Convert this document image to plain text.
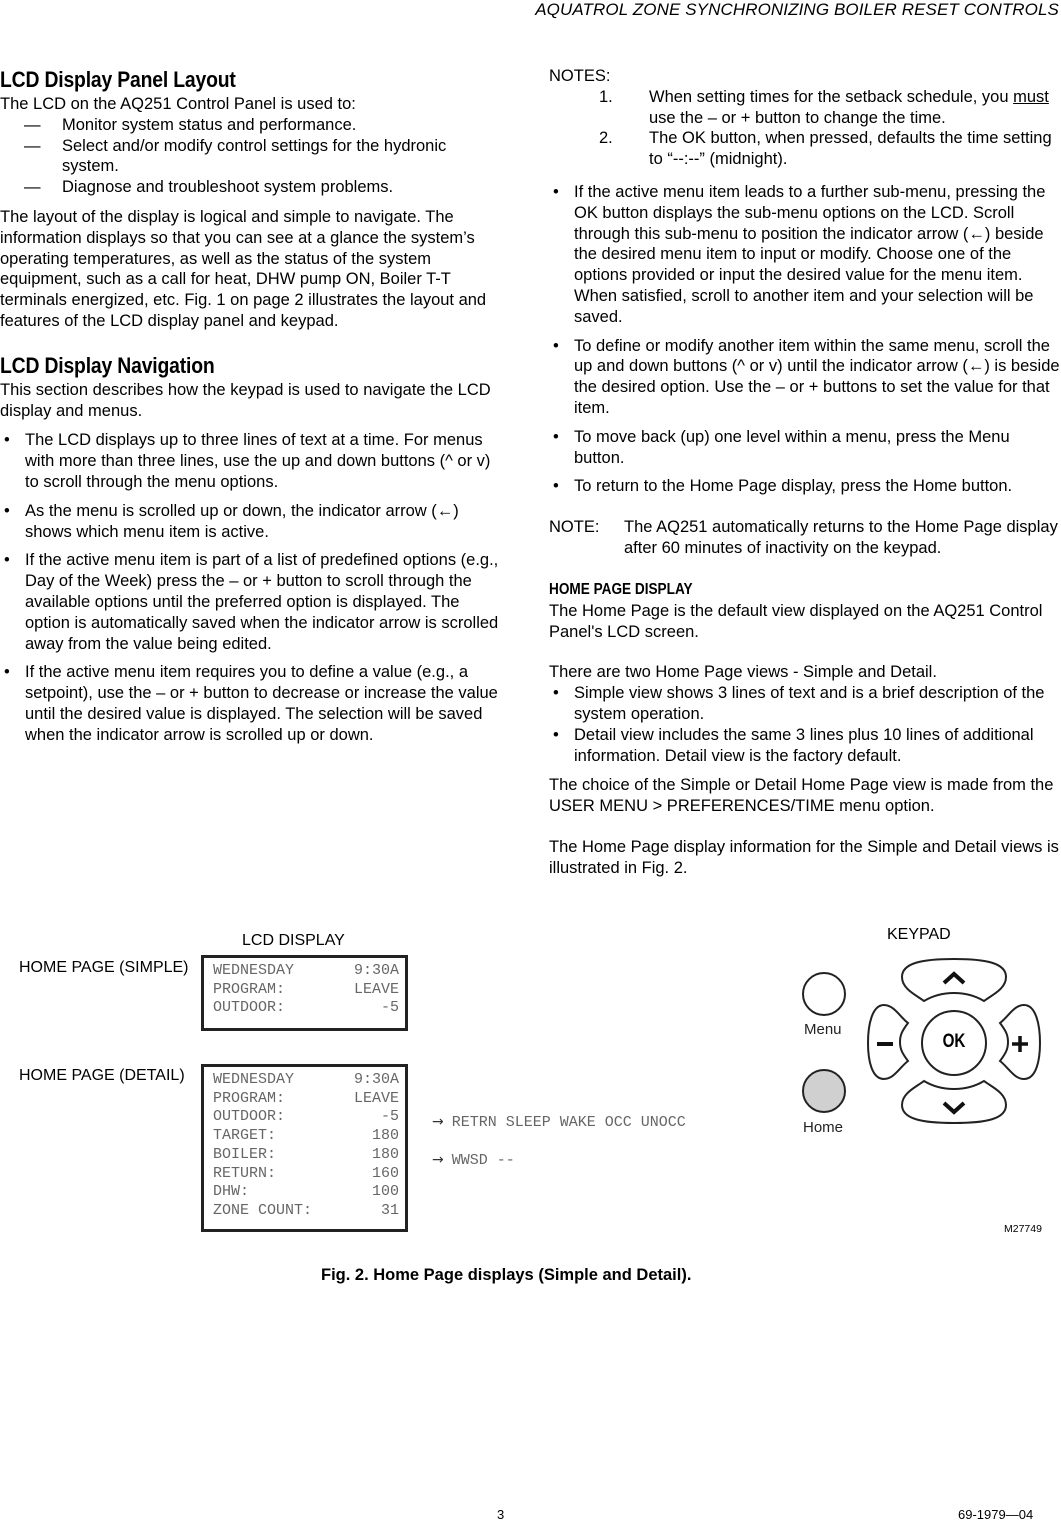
AQUATROL ZONE SYNCHRONIZING BOILER RESET CONTROLS
LCD Display Panel Layout

The LCD on the AQ251 Control Panel is used to:

— Monitor system status and performance.
— Select and/or modify control settings for the hydronic
system.
— Diagnose and troubleshoot system problems.

The layout of the display is logical and simple to navigate. The information displays so that you can see at a glance the system’s operating temperatures, as well as the status of the system equipment, such as a call for heat, DHW pump ON, Boiler T-T terminals energized, etc. Fig. 1 on page 2 illustrates the layout and features of the LCD display panel and keypad.

LCD Display Navigation

This section describes how the keypad is used to navigate the LCD display and menus.

• The LCD displays up to three lines of text at a time. For menus with more than three lines, use the up and down buttons (^ or v) to scroll through the menu options.
• As the menu is scrolled up or down, the indicator arrow (←) shows which menu item is active.
• If the active menu item is part of a list of predefined options (e.g., Day of the Week) press the – or + button to scroll through the available options until the preferred option is displayed. The option is automatically saved when the indicator arrow is scrolled away from the value being edited.
• If the active menu item requires you to define a value (e.g., a setpoint), use the – or + button to decrease or increase the value until the desired value is displayed. The selection will be saved when the indicator arrow is scrolled up or down.

NOTES:

1. When setting times for the setback schedule, you must use the – or + button to change the time.
2. The OK button, when pressed, defaults the time setting to “--:--” (midnight).
• If the active menu item leads to a further sub-menu, pressing the OK button displays the sub-menu options on the LCD. Scroll through this sub-menu to position the indicator arrow (←) beside the desired menu item to input or modify. Choose one of the options provided or input the desired value for the menu item. When satisfied, scroll to another item and your selection will be saved.
• To define or modify another item within the same menu, scroll the up and down buttons (^ or v) until the indicator arrow (←) is beside the desired option. Use the – or + buttons to set the value for that item.
• To move back (up) one level within a menu, press the Menu button.
• To return to the Home Page display, press the Home button.
NOTE: The AQ251 automatically returns to the Home Page display after 60 minutes of inactivity on the keypad.
HOME PAGE DISPLAY

The Home Page is the default view displayed on the AQ251 Control Panel's LCD screen.

There are two Home Page views - Simple and Detail.

• Simple view shows 3 lines of text and is a brief description of the system operation.
• Detail view includes the same 3 lines plus 10 lines of additional information. Detail view is the factory default.

The choice of the Simple or Detail Home Page view is made from the USER MENU > PREFERENCES/TIME menu option.

The Home Page display information for the Simple and Detail views is illustrated in Fig. 2.

LCD DISPLAY	KEYPAD
HOME PAGE (SIMPLE)
HOME PAGE (DETAIL)
WEDNESDAY	9:30A
PROGRAM:	LEAVE
OUTDOOR:	-5
WEDNESDAY	9:30A
PROGRAM:	LEAVE
OUTDOOR:	-5
TARGET:	180
BOILER:	180
RETURN:	160
DHW:	100
ZONE COUNT:	31

→ RETRN SLEEP WAKE OCC UNOCC

→ WWSD --

Menu
Home
OK
M27749
Fig. 2. Home Page displays (Simple and Detail).
3	69-1979—04
